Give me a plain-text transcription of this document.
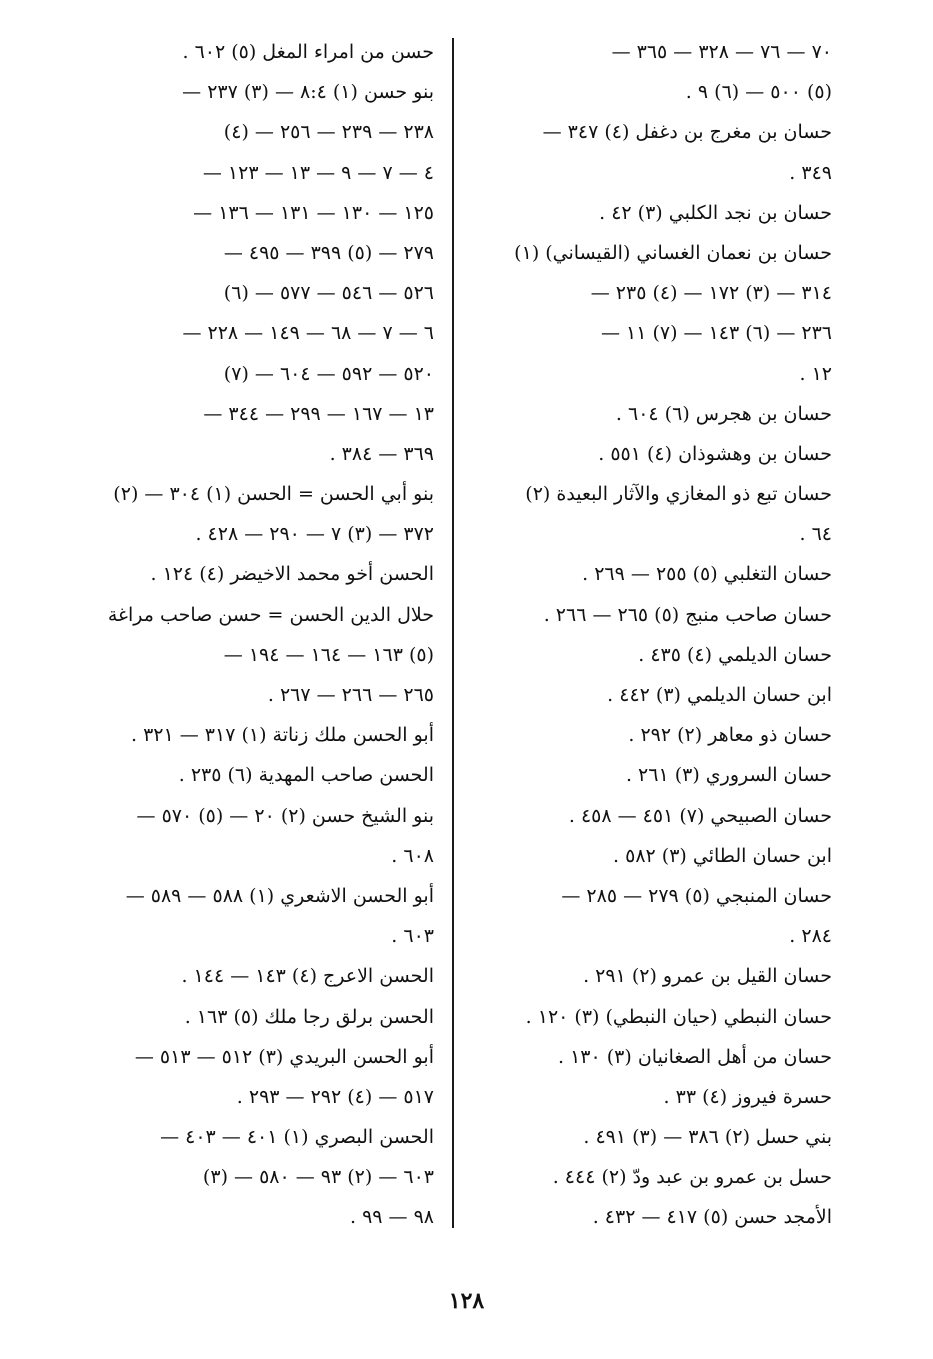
٧٠ — ٧٦ — ٣٢٨ — ٣٦٥ —
(٥) ٥٠٠ — (٦) ٩ .
حسان بن مغرج بن دغفل (٤) ٣٤٧ —
٣٤٩ .
حسان بن نجد الكلبي (٣) ٤٢ .
حسان بن نعمان الغساني (القيساني) (١)
٣١٤ — (٣) ١٧٢ — (٤) ٢٣٥ —
٢٣٦ — (٦) ١٤٣ — (٧) ١١ —
١٢ .
حسان بن هجرس (٦) ٦٠٤ .
حسان بن وهشوذان (٤) ٥٥١ .
حسان تبع ذو المغازي والآثار البعيدة (٢)
٦٤ .
حسان التغلبي (٥) ٢٥٥ — ٢٦٩ .
حسان صاحب منبج (٥) ٢٦٥ — ٢٦٦ .
حسان الديلمي (٤) ٤٣٥ .
ابن حسان الديلمي (٣) ٤٤٢ .
حسان ذو معاهر (٢) ٢٩٢ .
حسان السروري (٣) ٢٦١ .
حسان الصبيحي (٧) ٤٥١ — ٤٥٨ .
ابن حسان الطائي (٣) ٥٨٢ .
حسان المنبجي (٥) ٢٧٩ — ٢٨٥ —
٢٨٤ .
حسان القيل بن عمرو (٢) ٢٩١ .
حسان النبطي (حيان النبطي) (٣) ١٢٠ .
حسان من أهل الصغانيان (٣) ١٣٠ .
حسرة فيروز (٤) ٣٣ .
بني حسل (٢) ٣٨٦ — (٣) ٤٩١ .
حسل بن عمرو بن عبد ودّ (٢) ٤٤٤ .
الأمجد حسن (٥) ٤١٧ — ٤٣٢ .
حسن من امراء المغل (٥) ٦٠٢ .
بنو حسن (١) ٨:٤ — (٣) ٢٣٧ —
٢٣٨ — ٢٣٩ — ٢٥٦ — (٤)
٤ — ٧ — ٩ — ١٣ — ١٢٣ —
١٢٥ — ١٣٠ — ١٣١ — ١٣٦ —
٢٧٩ — (٥) ٣٩٩ — ٤٩٥ —
٥٢٦ — ٥٤٦ — ٥٧٧ — (٦)
٦ — ٧ — ٦٨ — ١٤٩ — ٢٢٨ —
٥٢٠ — ٥٩٢ — ٦٠٤ — (٧)
١٣ — ١٦٧ — ٢٩٩ — ٣٤٤ —
٣٦٩ — ٣٨٤ .
بنو أبي الحسن = الحسن (١) ٣٠٤ — (٢)
٣٧٢ — (٣) ٧ — ٢٩٠ — ٤٢٨ .
الحسن أخو محمد الاخيضر (٤) ١٢٤ .
حلال الدين الحسن = حسن صاحب مراغة
(٥) ١٦٣ — ١٦٤ — ١٩٤ —
٢٦٥ — ٢٦٦ — ٢٦٧ .
أبو الحسن ملك زناتة (١) ٣١٧ — ٣٢١ .
الحسن صاحب المهدية (٦) ٢٣٥ .
بنو الشيخ حسن (٢) ٢٠ — (٥) ٥٧٠ —
٦٠٨ .
أبو الحسن الاشعري (١) ٥٨٨ — ٥٨٩ —
٦٠٣ .
الحسن الاعرج (٤) ١٤٣ — ١٤٤ .
الحسن برلق رجا ملك (٥) ١٦٣ .
أبو الحسن البريدي (٣) ٥١٢ — ٥١٣ —
٥١٧ — (٤) ٢٩٢ — ٢٩٣ .
الحسن البصري (١) ٤٠١ — ٤٠٣ —
٦٠٣ — (٢) ٩٣ — ٥٨٠ — (٣)
٩٨ — ٩٩ .
١٢٨
